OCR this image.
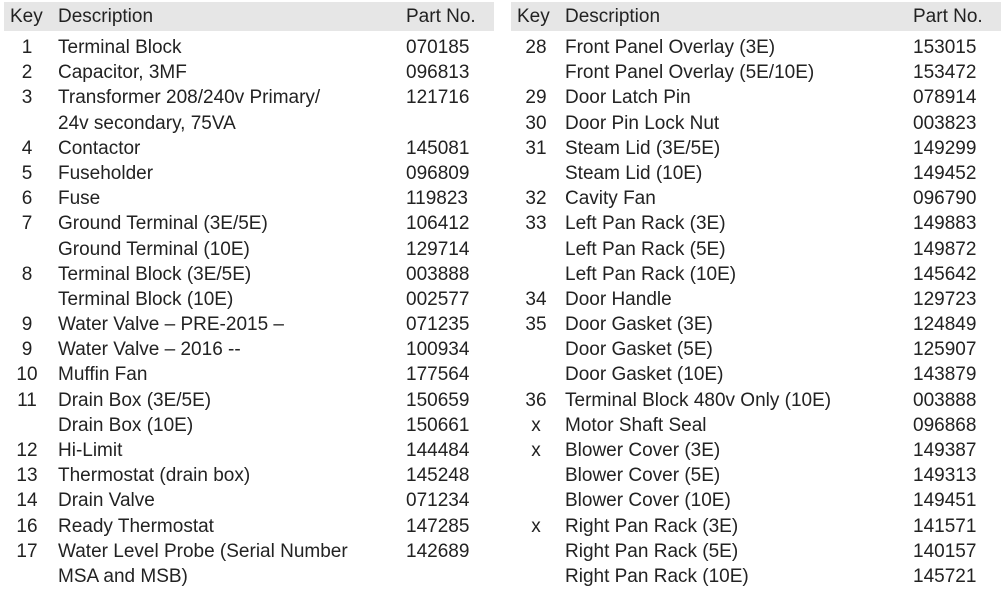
Key Description	Part No.
1	Terminal Block	070185
2	Capacitor, 3MF	096813
3	Transformer 208/240v Primary/	121716
24v secondary, 75VA
4	Contactor	145081
5	Fuseholder	096809
6	Fuse	119823
7	Ground Terminal (3E/5E)	106412
Ground Terminal (10E)	129714
8	Terminal Block (3E/5E)	003888
Terminal Block (10E)	002577
9	Water Valve – PRE-2015 –	071235
9	Water Valve – 2016 --	100934
10	Muffin Fan	177564
11	Drain Box (3E/5E)	150659
Drain Box (10E)	150661
12	Hi-Limit	144484
13	Thermostat (drain box)	145248
14	Drain Valve	071234
16	Ready Thermostat	147285
17	Water Level Probe (Serial Number	142689
MSA and MSB)
Key Description	Part No.
28 Front Panel Overlay (3E)	153015
Front Panel Overlay (5E/10E)	153472
29 Door Latch Pin	078914
30 Door Pin Lock Nut	003823
31 Steam Lid (3E/5E)	149299
Steam Lid (10E)	149452
32 Cavity Fan	096790
33 Left Pan Rack (3E)	149883
Left Pan Rack (5E)	149872
Left Pan Rack (10E)	145642
34 Door Handle	129723
35 Door Gasket (3E)	124849
Door Gasket (5E)	125907
Door Gasket (10E)	143879
36 Terminal Block 480v Only (10E)	003888
x	Motor Shaft Seal	096868
x	Blower Cover (3E)	149387
Blower Cover (5E)	149313
Blower Cover (10E)	149451
x	Right Pan Rack (3E)	141571
Right Pan Rack (5E)	140157
Right Pan Rack (10E)	145721
